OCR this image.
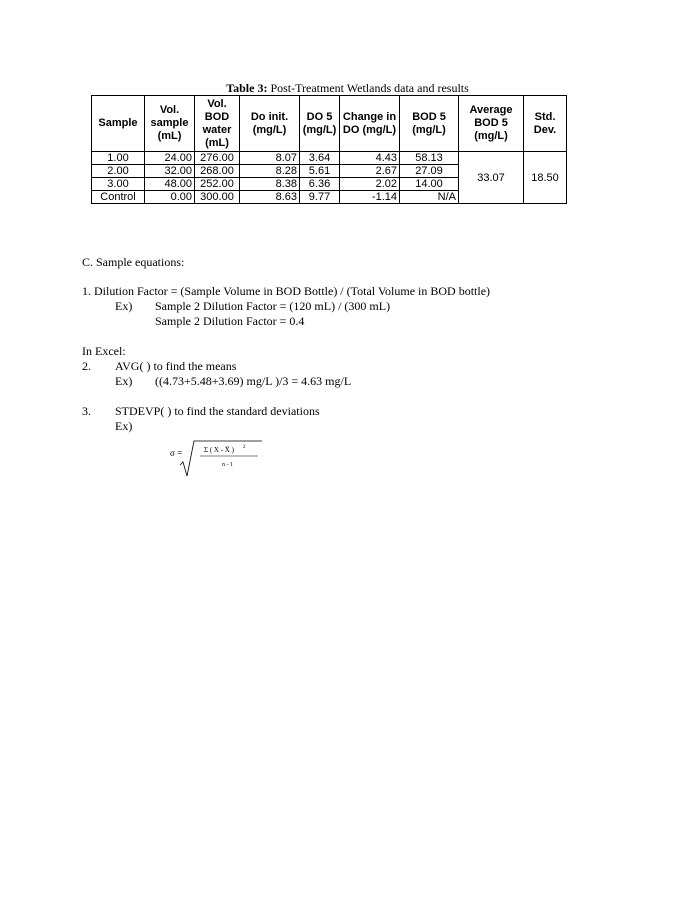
Table 3: Post-Treatment Wetlands data and results
Sample	Vol. sample (mL)	Vol. BOD water (mL)	Do init. (mg/L)	DO 5 (mg/L)	Change in DO (mg/L)	BOD 5 (mg/L)	Average BOD 5 (mg/L)	Std. Dev.
1.00	24.00	276.00	8.07	3.64	4.43	58.13	33.07	18.50
2.00	32.00	268.00	8.28	5.61	2.67	27.09		
3.00	48.00	252.00	8.38	6.36	2.02	14.00		
Control	0.00	300.00	8.63	9.77	-1.14	N/A		
C. Sample equations:
1. Dilution Factor = (Sample Volume in BOD Bottle) / (Total Volume in BOD bottle)
Ex) Sample 2 Dilution Factor = (120 mL) / (300 mL)
Sample 2 Dilution Factor = 0.4
In Excel:
2. AVG( ) to find the means
Ex) ((4.73+5.48+3.69) mg/L )/3 = 4.63 mg/L
3. STDEVP( ) to find the standard deviations
Ex)
σ =	Σ ( X - X̄ ) 2
n - 1
